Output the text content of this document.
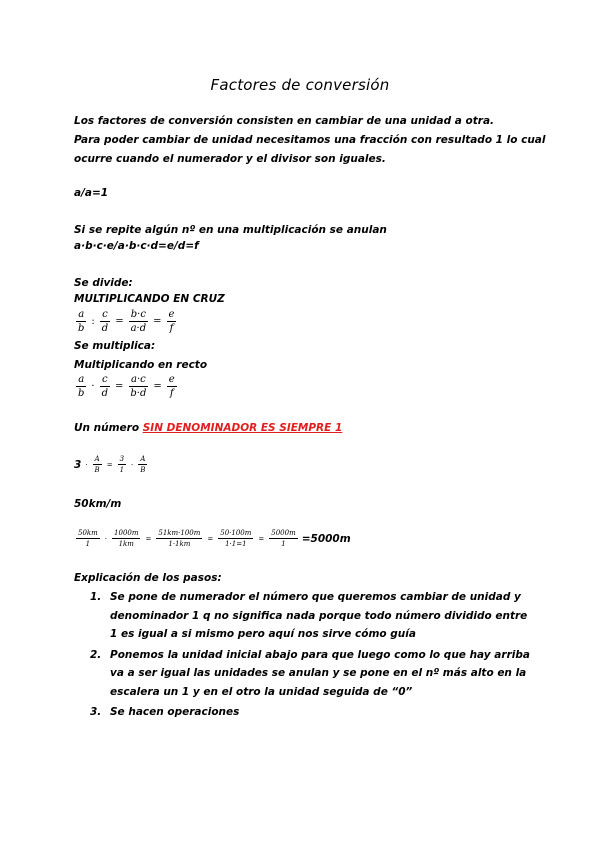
Factores de conversión
Los factores de conversión consisten en cambiar de una unidad a otra.
Para poder cambiar de unidad necesitamos una fracción con resultado 1 lo cual
ocurre cuando el numerador y el divisor son iguales.
a/a=1
Si se repite algún nº en una multiplicación se anulan
a·b·c·e/a·b·c·d=e/d=f
Se divide:
MULTIPLICANDO EN CRUZ
$\frac{a}{b}$ : $\frac{c}{d} = \frac{b\cdot c}{a\cdot d} = \frac{e}{f}$
Se multiplica:
Multiplicando en recto
$\frac{a}{b} \cdot \frac{c}{d} = \frac{a\cdot c}{b\cdot d} = \frac{e}{f}$
Un número SIN DENOMINADOR ES SIEMPRE 1
$3 \cdot \frac{A}{B} = \frac{3}{1} \cdot \frac{A}{B}$
50km/m
$\frac{50km}{1} \cdot \frac{1000m}{1km} = \frac{51km\cdot 100m}{1\cdot 1km} = \frac{50\cdot 100m}{1\cdot 1=1} = \frac{5000m}{1} =5000m$
Explicación de los pasos:
1. Se pone de numerador el número que queremos cambiar de unidad y denominador 1 q no significa nada porque todo número dividido entre 1 es igual a si mismo pero aquí nos sirve cómo guía
2. Ponemos la unidad inicial abajo para que luego como lo que hay arriba va a ser igual las unidades se anulan y se pone en el nº más alto en la escalera un 1 y en el otro la unidad seguida de “0”
3. Se hacen operaciones
